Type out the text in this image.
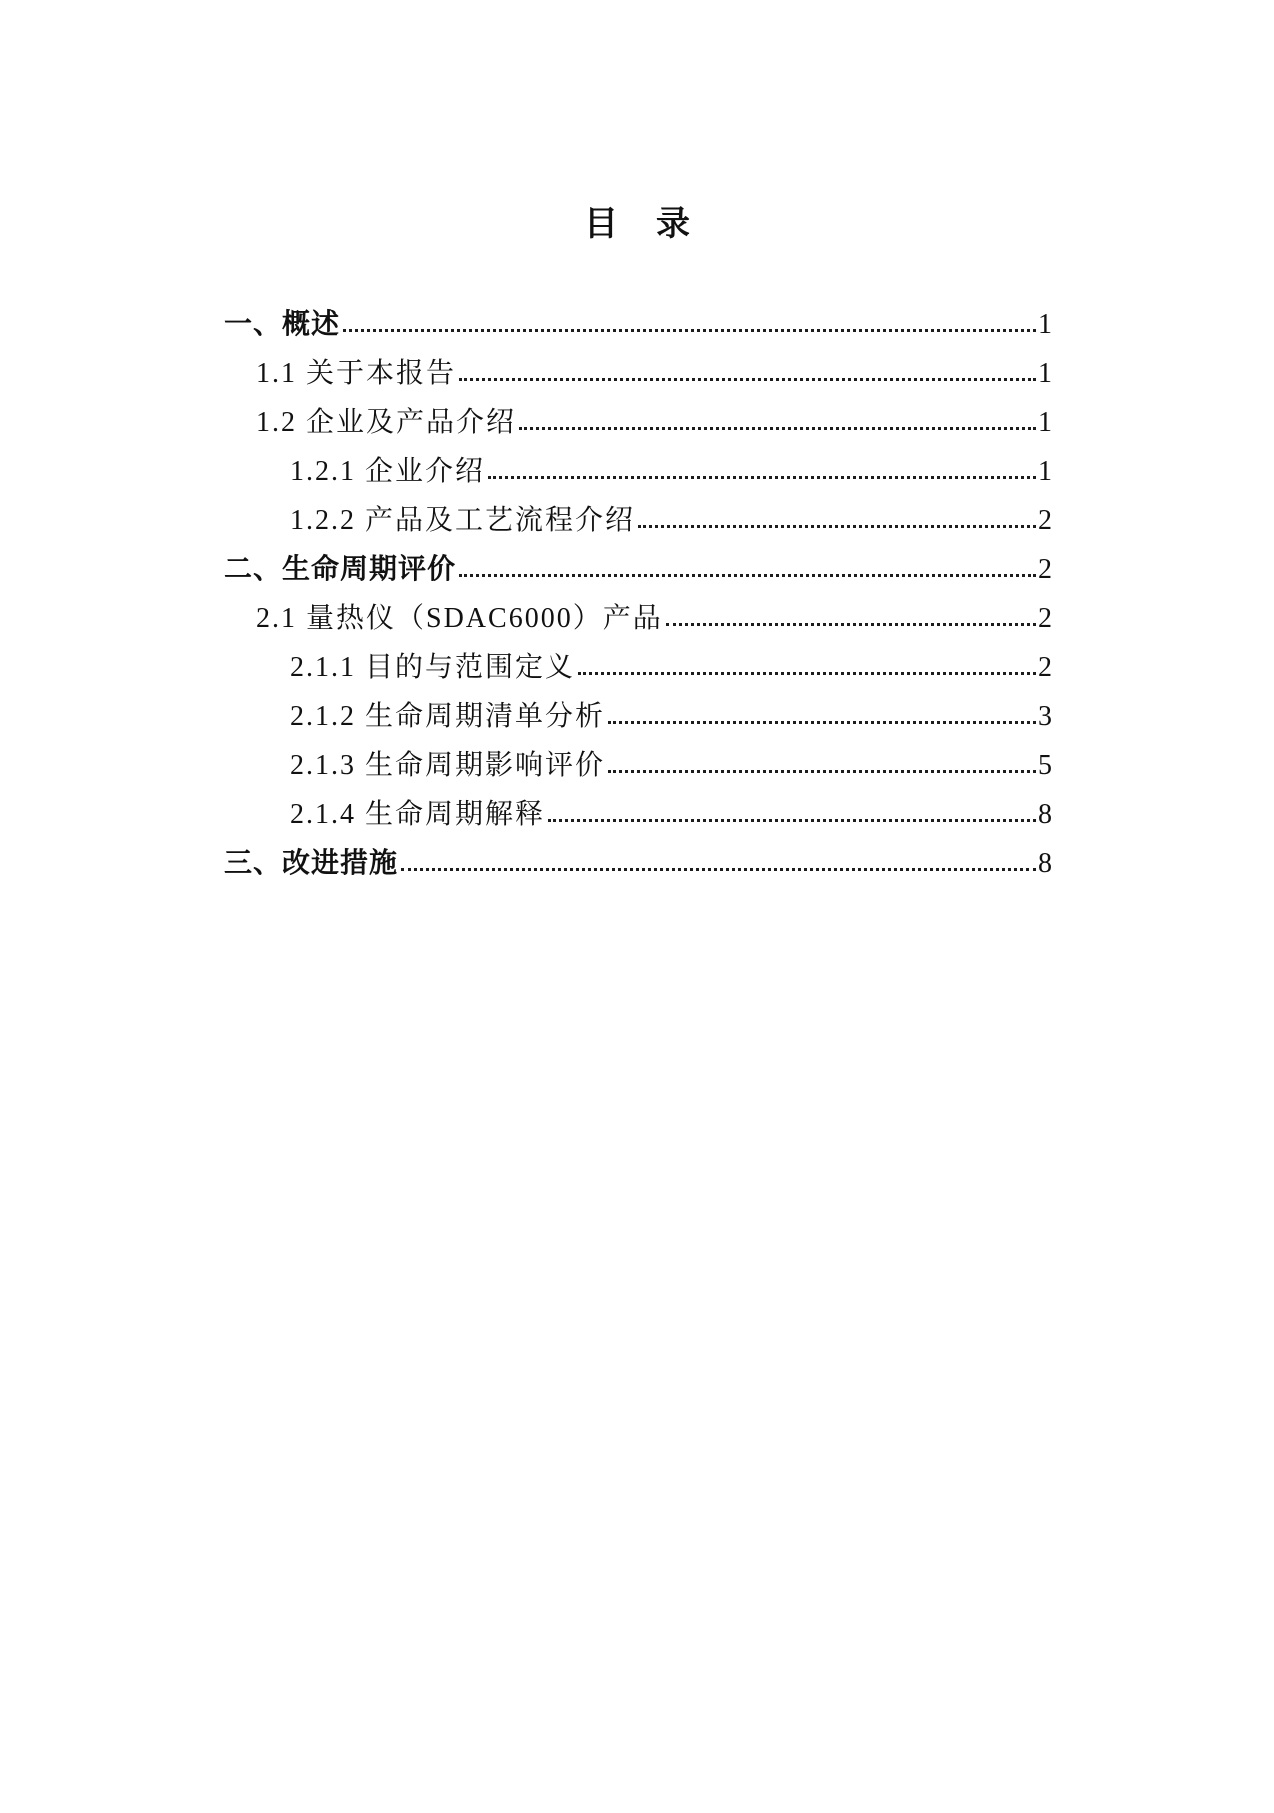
目　录
一、概述	1
1.1 关于本报告	1
1.2 企业及产品介绍	1
1.2.1 企业介绍	1
1.2.2 产品及工艺流程介绍	2
二、生命周期评价	2
2.1 量热仪（SDAC6000）产品	2
2.1.1 目的与范围定义	2
2.1.2 生命周期清单分析	3
2.1.3 生命周期影响评价	5
2.1.4 生命周期解释	8
三、改进措施	8
